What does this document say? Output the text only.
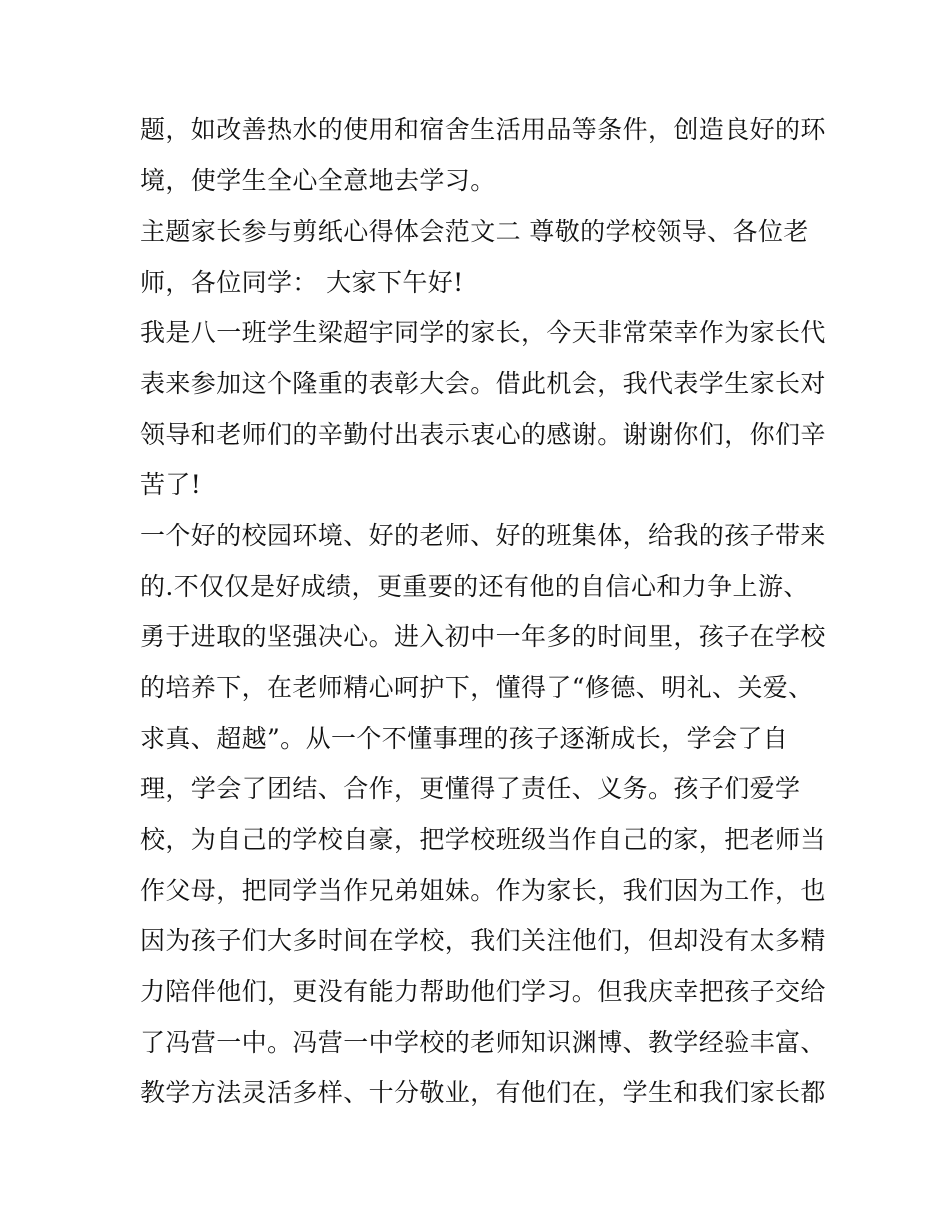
题，如改善热水的使用和宿舍生活用品等条件，创造良好的环
境，使学生全心全意地去学习。
主题家长参与剪纸心得体会范文二 尊敬的学校领导、各位老
师，各位同学： 大家下午好!
我是八一班学生梁超宇同学的家长，今天非常荣幸作为家长代
表来参加这个隆重的表彰大会。借此机会，我代表学生家长对
领导和老师们的辛勤付出表示衷心的感谢。谢谢你们，你们辛
苦了!
一个好的校园环境、好的老师、好的班集体，给我的孩子带来
的.不仅仅是好成绩，更重要的还有他的自信心和力争上游、
勇于进取的坚强决心。进入初中一年多的时间里，孩子在学校
的培养下，在老师精心呵护下，懂得了“修德、明礼、关爱、
求真、超越”。从一个不懂事理的孩子逐渐成长，学会了自
理，学会了团结、合作，更懂得了责任、义务。孩子们爱学
校，为自己的学校自豪，把学校班级当作自己的家，把老师当
作父母，把同学当作兄弟姐妹。作为家长，我们因为工作，也
因为孩子们大多时间在学校，我们关注他们，但却没有太多精
力陪伴他们，更没有能力帮助他们学习。但我庆幸把孩子交给
了冯营一中。冯营一中学校的老师知识渊博、教学经验丰富、
教学方法灵活多样、十分敬业，有他们在，学生和我们家长都
